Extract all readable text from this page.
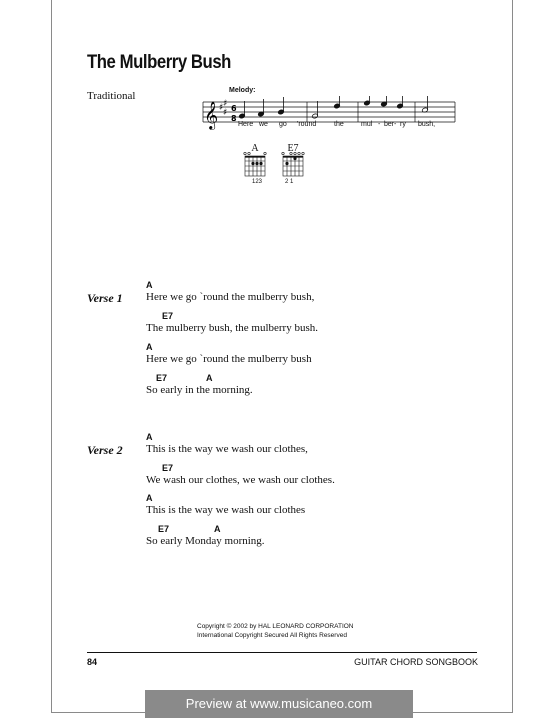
The Mulberry Bush
Traditional	Melody:
𝄞 ♯ ♯
♯ 6
8
Here we go 'round	the mul - ber - ry bush,
A
123
E7
2 1
Verse 1
A
Here we go `round the mulberry bush,
E7
The mulberry bush, the mulberry bush.
A
Here we go `round the mulberry bush
E7	A
So early in the morning.
Verse 2
A
This is the way we wash our clothes,
E7
We wash our clothes, we wash our clothes.
A
This is the way we wash our clothes
E7	A
So early Monday morning.
Copyright © 2002 by HAL LEONARD CORPORATION
International Copyright Secured All Rights Reserved
84	GUITAR CHORD SONGBOOK
Preview at www.musicaneo.com
